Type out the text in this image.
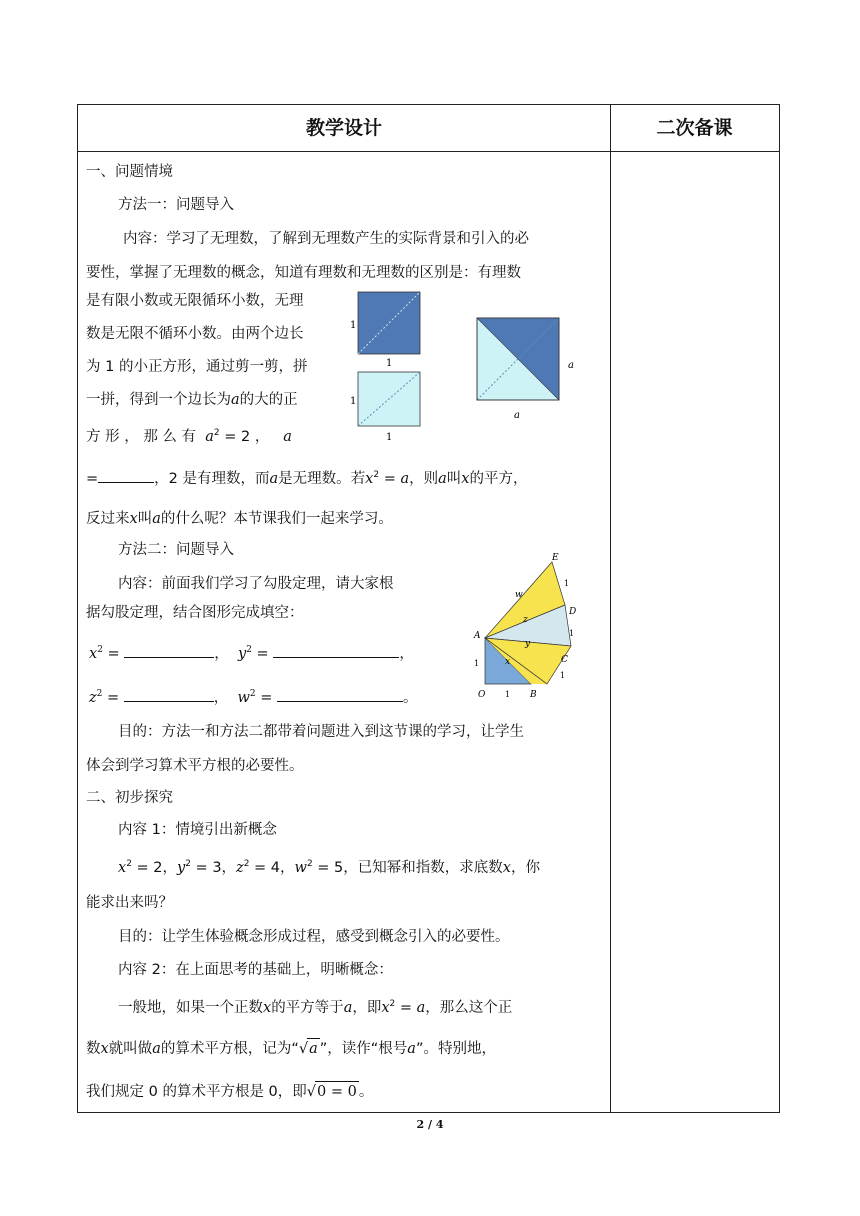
教学设计	二次备课
一、问题情境
方法一：问题导入
内容：学习了无理数，了解到无理数产生的实际背景和引入的必
要性，掌握了无理数的概念，知道有理数和无理数的区别是：有理数
是有限小数或无限循环小数，无理
数是无限不循环小数。由两个边长
为 1 的小正方形，通过剪一剪，拼
一拼，得到一个边长为a的大的正
方 形 ， 那 么 有 $a^2 = 2$ ， a
=	，2 是有理数，而a是无理数。若$x^2 = a$，则a叫x的平方，
反过来x叫a的什么呢？本节课我们一起来学习。
1
1
1
1
a
a
方法二：问题导入
内容：前面我们学习了勾股定理，请大家根
据勾股定理，结合图形完成填空：
$x^2$ =	，  $y^2$ =	，
$z^2$ =	，  $w^2$ =	。
E
D
A
C
O	B
w
z
y
x
1
1
1
1
1
目的：方法一和方法二都带着问题进入到这节课的学习，让学生
体会到学习算术平方根的必要性。
二、初步探究
内容 1：情境引出新概念
$x^2 = 2$，$y^2 = 3$，$z^2 = 4$，$w^2 = 5$，已知幂和指数，求底数x，你
能求出来吗？
目的：让学生体验概念形成过程，感受到概念引入的必要性。
内容 2：在上面思考的基础上，明晰概念：
一般地，如果一个正数x的平方等于a，即$x^2 = a$，那么这个正
数x就叫做a的算术平方根，记为“√a ”，读作“根号a”。特别地，
我们规定 0 的算术平方根是 0，即√0 = 0 。
2 / 4
